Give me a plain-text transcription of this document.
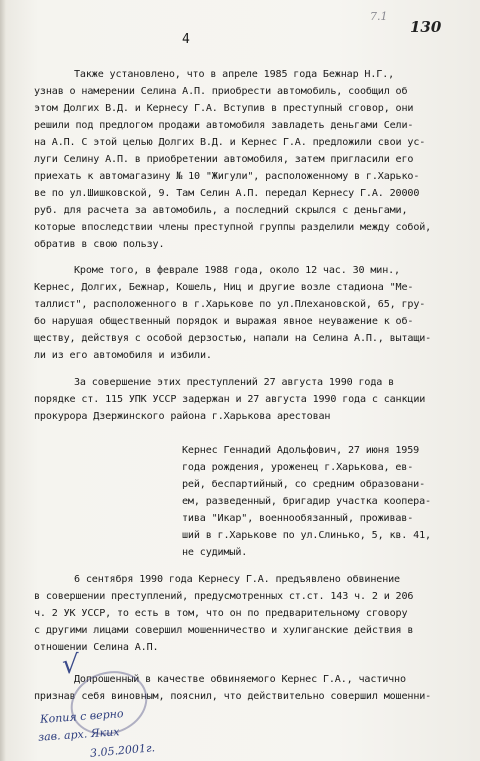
7.1
130
4
Также установлено, что в апреле 1985 года Бежнар Н.Г.,
узнав о намерении Селина А.П. приобрести автомобиль, сообщил об
этом Долгих В.Д. и Кернесу Г.А. Вступив в преступный сговор, они
решили под предлогом продажи автомобиля завладеть деньгами Сели-
на А.П. С этой целью Долгих В.Д. и Кернес Г.А. предложили свои ус-
луги Селину А.П. в приобретении автомобиля, затем пригласили его
приехать к автомагазину № 10 "Жигули", расположенному в г.Харько-
ве по ул.Шишковской, 9. Там Селин А.П. передал Кернесу Г.А. 20000
руб. для расчета за автомобиль, а последний скрылся с деньгами,
которые впоследствии члены преступной группы разделили между собой,
обратив в свою пользу.
Кроме того, в феврале 1988 года, около 12 час. 30 мин.,
Кернес, Долгих, Бежнар, Кошель, Ниц и другие возле стадиона "Ме-
таллист", расположенного в г.Харькове по ул.Плехановской, 65, гру-
бо нарушая общественный порядок и выражая явное неуважение к об-
ществу, действуя с особой дерзостью, напали на Селина А.П., вытащи-
ли из его автомобиля и избили.
За совершение этих преступлений 27 августа 1990 года в
порядке ст. 115 УПК УССР задержан и 27 августа 1990 года с санкции
прокурора Дзержинского района г.Харькова арестован
Кернес Геннадий Адольфович, 27 июня 1959
года рождения, уроженец г.Харькова, ев-
рей, беспартийный, со средним образовани-
ем, разведенный, бригадир участка коопера-
тива "Икар", военнообязанный, проживав-
ший в г.Харькове по ул.Слинько, 5, кв. 41,
не судимый.
6 сентября 1990 года Кернесу Г.А. предъявлено обвинение
в совершении преступлений, предусмотренных ст.ст. 143 ч. 2 и 206
ч. 2 УК УССР, то есть в том, что он по предварительному сговору
с другими лицами совершил мошенничество и хулиганские действия в
отношении Селина А.П.
Допрошенный в качестве обвиняемого Кернес Г.А., частично
признав себя виновным, пояснил, что действительно совершил мошенни-
√
Копия с верно
зав. арх. Яких
3.05.2001г.
